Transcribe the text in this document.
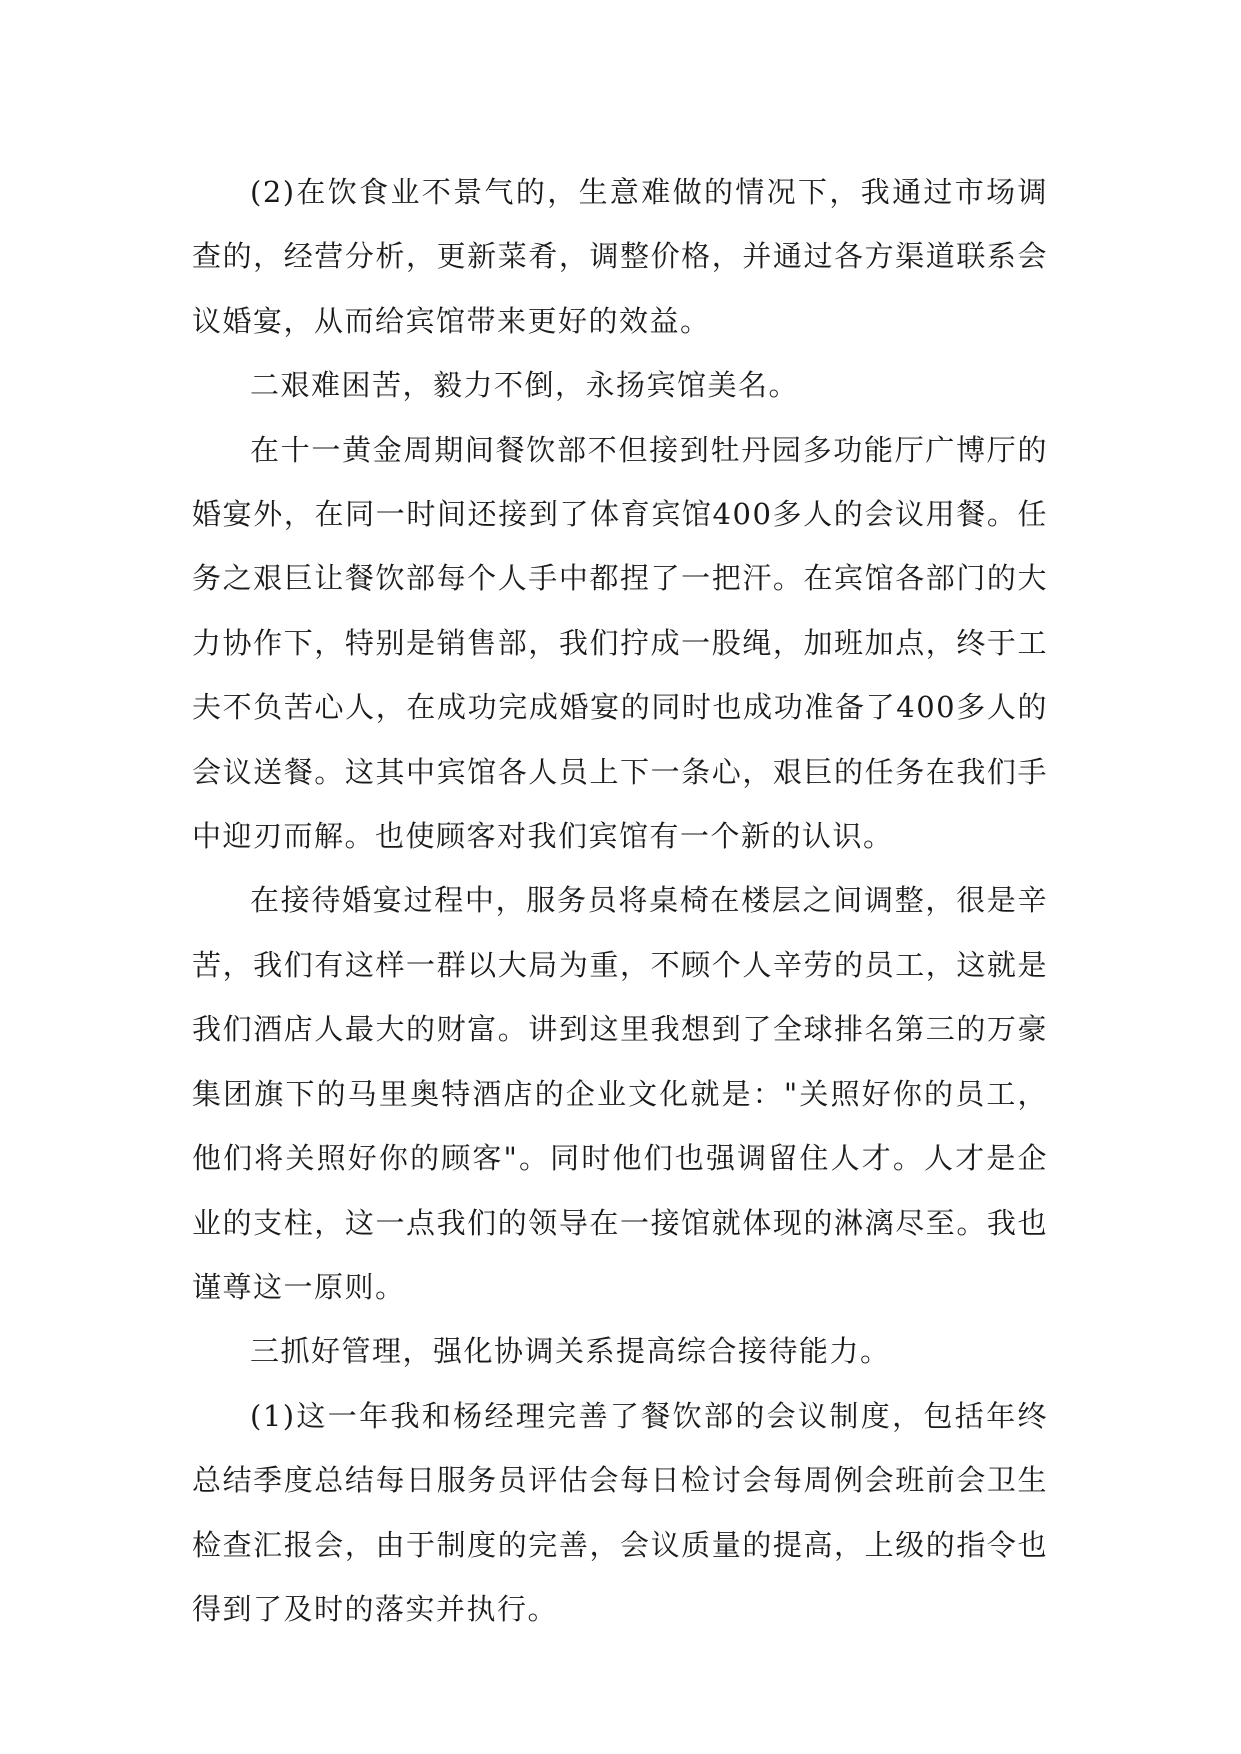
(2)在饮食业不景气的，生意难做的情况下，我通过市场调查的，经营分析，更新菜肴，调整价格，并通过各方渠道联系会议婚宴，从而给宾馆带来更好的效益。

二艰难困苦，毅力不倒，永扬宾馆美名。

在十一黄金周期间餐饮部不但接到牡丹园多功能厅广博厅的婚宴外，在同一时间还接到了体育宾馆400多人的会议用餐。任务之艰巨让餐饮部每个人手中都捏了一把汗。在宾馆各部门的大力协作下，特别是销售部，我们拧成一股绳，加班加点，终于工夫不负苦心人，在成功完成婚宴的同时也成功准备了400多人的会议送餐。这其中宾馆各人员上下一条心，艰巨的任务在我们手中迎刃而解。也使顾客对我们宾馆有一个新的认识。

在接待婚宴过程中，服务员将桌椅在楼层之间调整，很是辛苦，我们有这样一群以大局为重，不顾个人辛劳的员工，这就是我们酒店人最大的财富。讲到这里我想到了全球排名第三的万豪集团旗下的马里奥特酒店的企业文化就是："关照好你的员工，他们将关照好你的顾客"。同时他们也强调留住人才。人才是企业的支柱，这一点我们的领导在一接馆就体现的淋漓尽至。我也谨尊这一原则。

三抓好管理，强化协调关系提高综合接待能力。

(1)这一年我和杨经理完善了餐饮部的会议制度，包括年终总结季度总结每日服务员评估会每日检讨会每周例会班前会卫生检查汇报会，由于制度的完善，会议质量的提高，上级的指令也得到了及时的落实并执行。
